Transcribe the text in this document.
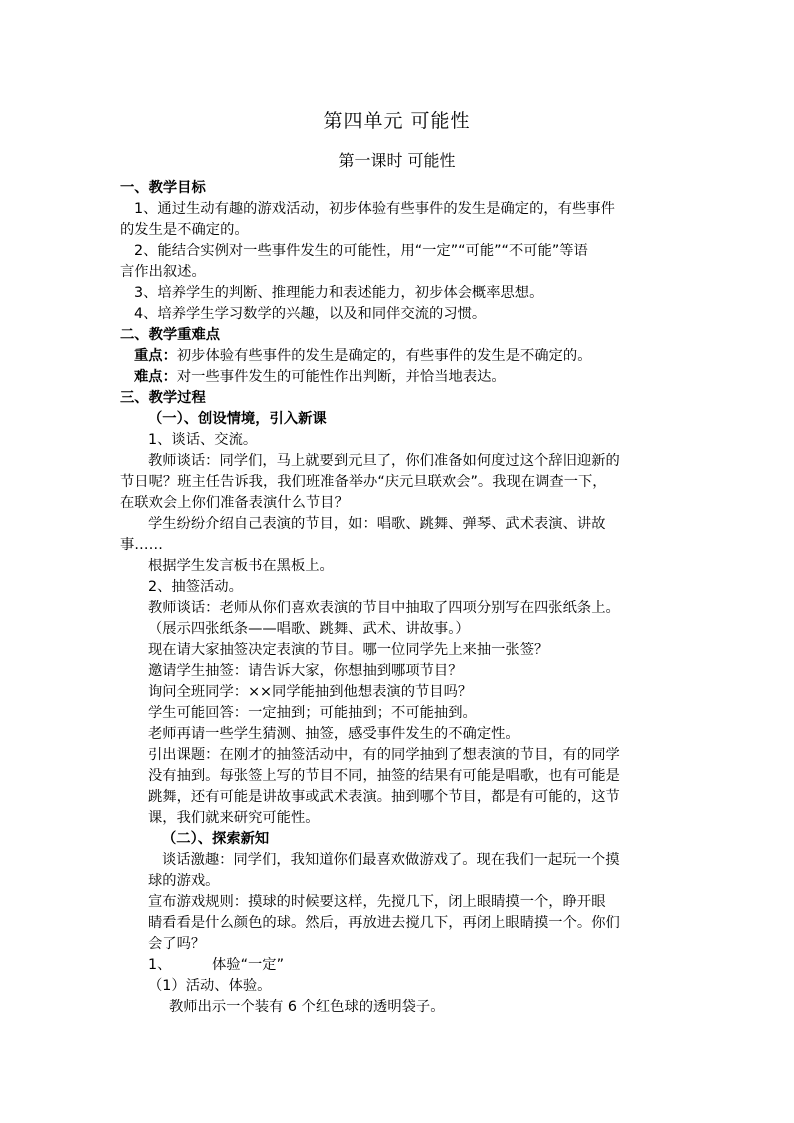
第四单元 可能性
第一课时 可能性
一、教学目标
1、通过生动有趣的游戏活动，初步体验有些事件的发生是确定的，有些事件
的发生是不确定的。
2、能结合实例对一些事件发生的可能性，用“一定”“可能”“不可能”等语
言作出叙述。
3、培养学生的判断、推理能力和表述能力，初步体会概率思想。
4、培养学生学习数学的兴趣，以及和同伴交流的习惯。
二、教学重难点
重点：初步体验有些事件的发生是确定的，有些事件的发生是不确定的。
难点：对一些事件发生的可能性作出判断，并恰当地表达。
三、教学过程
（一）、创设情境，引入新课
1、谈话、交流。
教师谈话：同学们，马上就要到元旦了，你们准备如何度过这个辞旧迎新的
节日呢？班主任告诉我，我们班准备举办“庆元旦联欢会”。我现在调查一下，
在联欢会上你们准备表演什么节目？
学生纷纷介绍自己表演的节目，如：唱歌、跳舞、弹琴、武术表演、讲故
事……
根据学生发言板书在黑板上。
2、抽签活动。
教师谈话：老师从你们喜欢表演的节目中抽取了四项分别写在四张纸条上。
（展示四张纸条——唱歌、跳舞、武术、讲故事。）
现在请大家抽签决定表演的节目。哪一位同学先上来抽一张签？
邀请学生抽签：请告诉大家，你想抽到哪项节目？
询问全班同学：××同学能抽到他想表演的节目吗？
学生可能回答：一定抽到；可能抽到；不可能抽到。
老师再请一些学生猜测、抽签，感受事件发生的不确定性。
引出课题：在刚才的抽签活动中，有的同学抽到了想表演的节目，有的同学
没有抽到。每张签上写的节目不同，抽签的结果有可能是唱歌，也有可能是
跳舞，还有可能是讲故事或武术表演。抽到哪个节目，都是有可能的，这节
课，我们就来研究可能性。
（二）、探索新知
谈话激趣：同学们，我知道你们最喜欢做游戏了。现在我们一起玩一个摸
球的游戏。
宣布游戏规则：摸球的时候要这样，先搅几下，闭上眼睛摸一个，睁开眼
睛看看是什么颜色的球。然后，再放进去搅几下，再闭上眼睛摸一个。你们
会了吗？
1、	体验“一定”
（1）活动、体验。
教师出示一个装有 6 个红色球的透明袋子。
